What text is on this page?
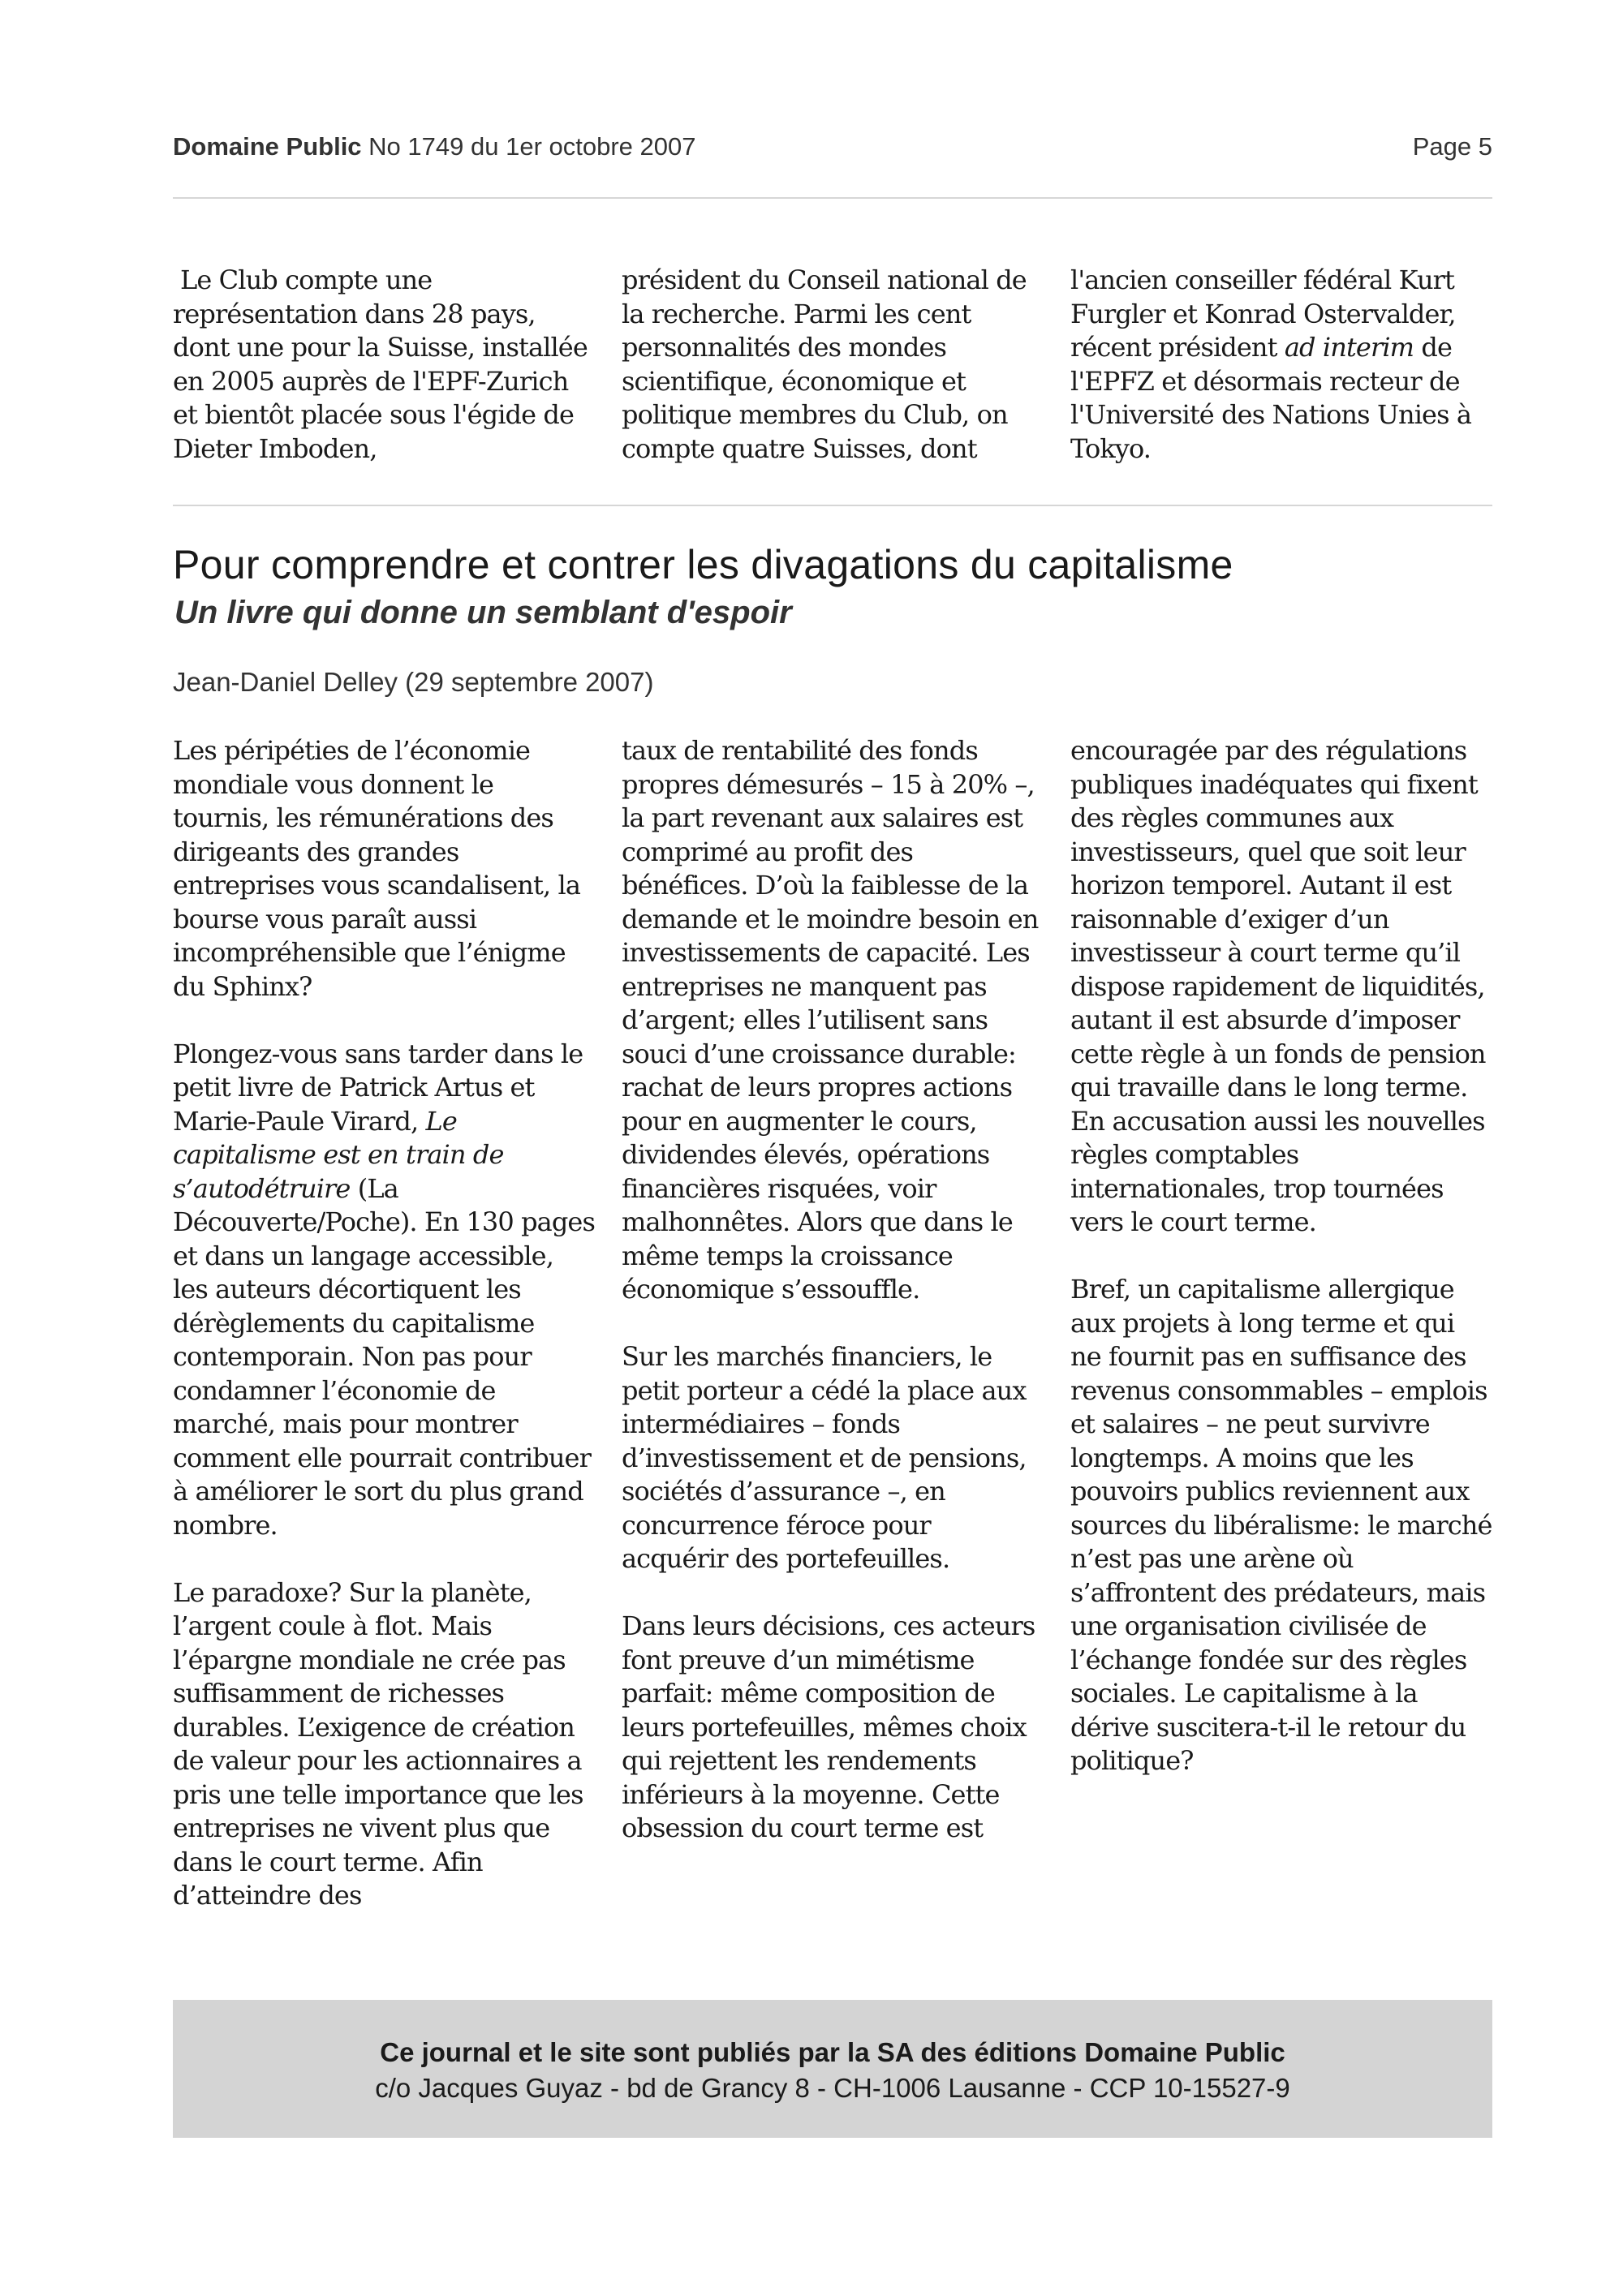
Domaine Public No 1749 du 1er octobre 2007	Page 5

Le Club compte une représentation dans 28 pays, dont une pour la Suisse, installée en 2005 auprès de l'EPF-Zurich et bientôt placée sous l'égide de Dieter Imboden,

président du Conseil national de la recherche. Parmi les cent personnalités des mondes scientifique, économique et politique membres du Club, on compte quatre Suisses, dont

l'ancien conseiller fédéral Kurt Furgler et Konrad Ostervalder, récent président ad interim de l'EPFZ et désormais recteur de l'Université des Nations Unies à Tokyo.

Pour comprendre et contrer les divagations du capitalisme
Un livre qui donne un semblant d'espoir
Jean-Daniel Delley (29 septembre 2007)

Les péripéties de l’économie mondiale vous donnent le tournis, les rémunérations des dirigeants des grandes entreprises vous scandalisent, la bourse vous paraît aussi incompréhensible que l’énigme du Sphinx?

Plongez-vous sans tarder dans le petit livre de Patrick Artus et Marie-Paule Virard, Le capitalisme est en train de s’autodétruire (La Découverte/Poche). En 130 pages et dans un langage accessible, les auteurs décortiquent les dérèglements du capitalisme contemporain. Non pas pour condamner l’économie de marché, mais pour montrer comment elle pourrait contribuer à améliorer le sort du plus grand nombre.

Le paradoxe? Sur la planète, l’argent coule à flot. Mais l’épargne mondiale ne crée pas suffisamment de richesses durables. L’exigence de création de valeur pour les actionnaires a pris une telle importance que les entreprises ne vivent plus que dans le court terme. Afin d’atteindre des

taux de rentabilité des fonds propres démesurés – 15 à 20% –, la part revenant aux salaires est comprimé au profit des bénéfices. D’où la faiblesse de la demande et le moindre besoin en investissements de capacité. Les entreprises ne manquent pas d’argent; elles l’utilisent sans souci d’une croissance durable: rachat de leurs propres actions pour en augmenter le cours, dividendes élevés, opérations financières risquées, voir malhonnêtes. Alors que dans le même temps la croissance économique s’essouffle.

Sur les marchés financiers, le petit porteur a cédé la place aux intermédiaires – fonds d’investissement et de pensions, sociétés d’assurance –, en concurrence féroce pour acquérir des portefeuilles.

Dans leurs décisions, ces acteurs font preuve d’un mimétisme parfait: même composition de leurs portefeuilles, mêmes choix qui rejettent les rendements inférieurs à la moyenne. Cette obsession du court terme est

encouragée par des régulations publiques inadéquates qui fixent des règles communes aux investisseurs, quel que soit leur horizon temporel. Autant il est raisonnable d’exiger d’un investisseur à court terme qu’il dispose rapidement de liquidités, autant il est absurde d’imposer cette règle à un fonds de pension qui travaille dans le long terme. En accusation aussi les nouvelles règles comptables internationales, trop tournées vers le court terme.

Bref, un capitalisme allergique aux projets à long terme et qui ne fournit pas en suffisance des revenus consommables – emplois et salaires – ne peut survivre longtemps. A moins que les pouvoirs publics reviennent aux sources du libéralisme: le marché n’est pas une arène où s’affrontent des prédateurs, mais une organisation civilisée de l’échange fondée sur des règles sociales. Le capitalisme à la dérive suscitera-t-il le retour du politique?

Ce journal et le site sont publiés par la SA des éditions Domaine Public
c/o Jacques Guyaz - bd de Grancy 8 - CH-1006 Lausanne - CCP 10-15527-9
